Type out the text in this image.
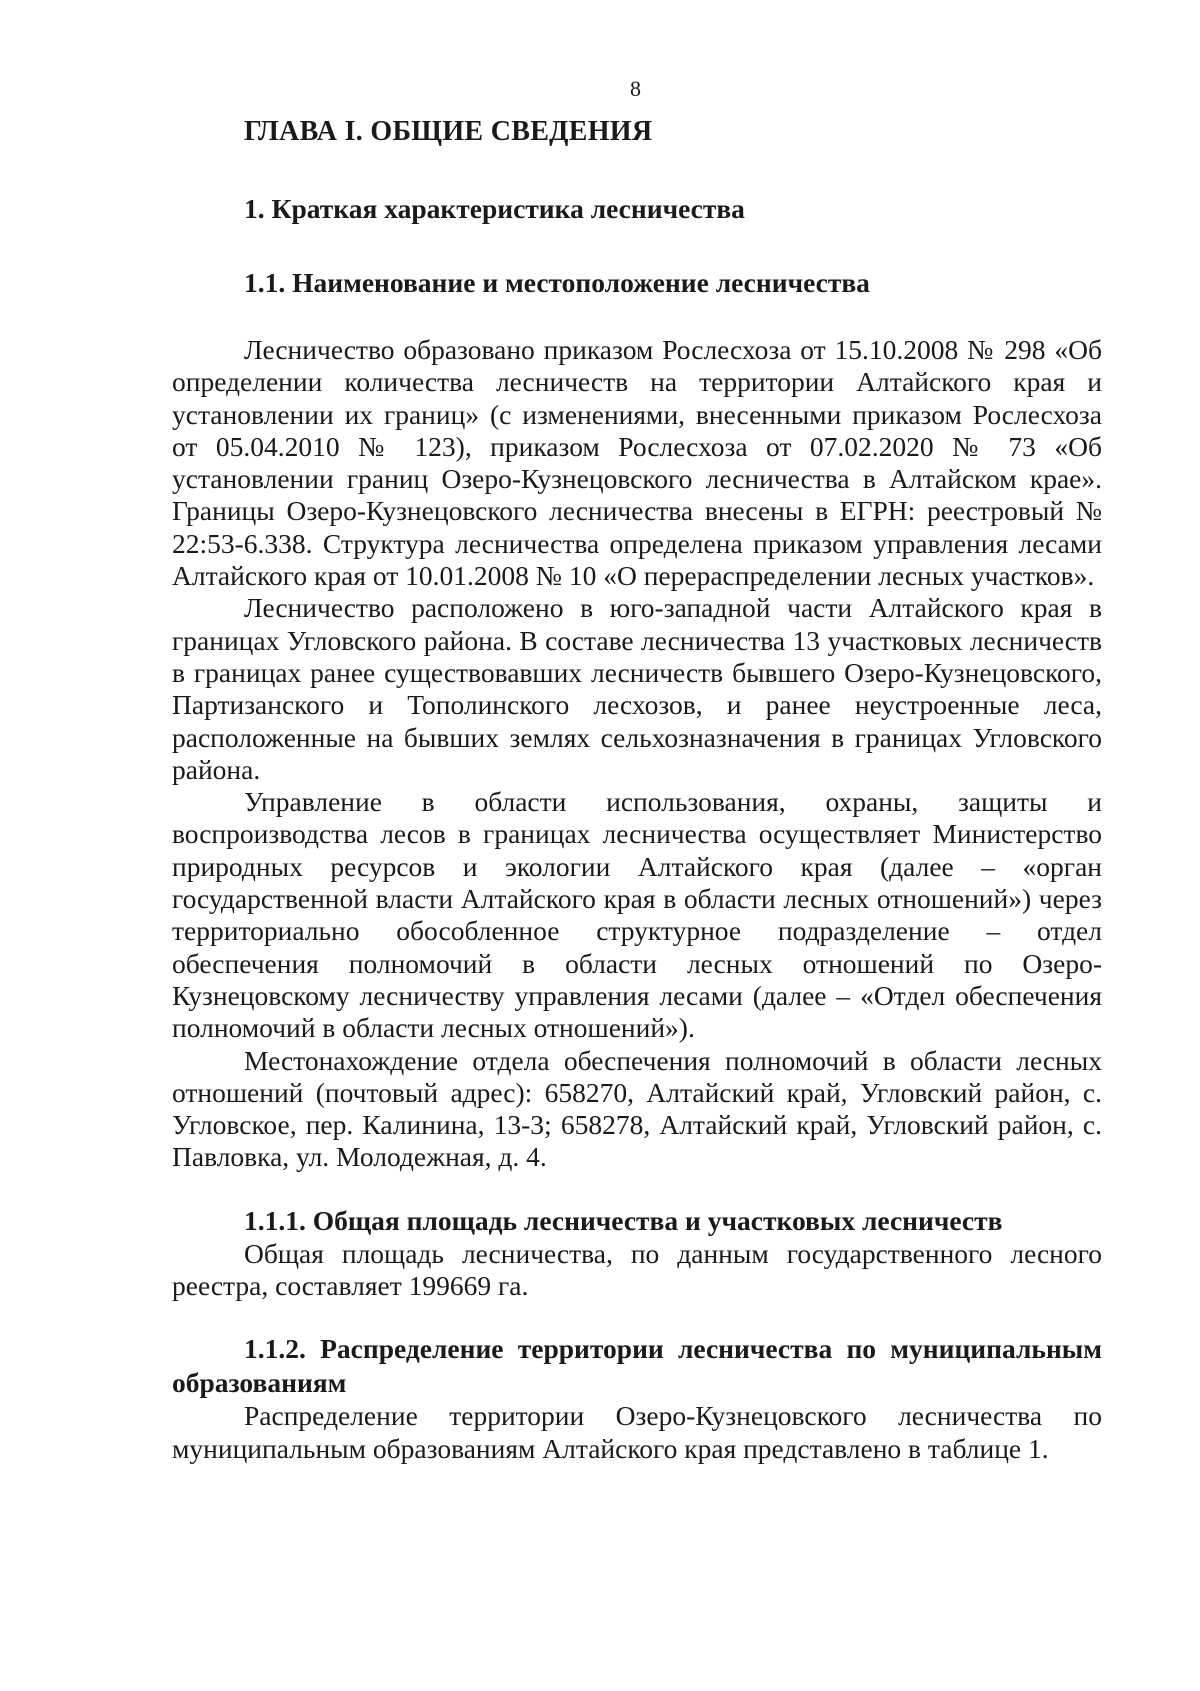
8
ГЛАВА I. ОБЩИЕ СВЕДЕНИЯ
1. Краткая характеристика лесничества
1.1. Наименование и местоположение лесничества

Лесничество образовано приказом Рослесхоза от 15.10.2008 № 298 «Об определении количества лесничеств на территории Алтайского края и установлении их границ» (с изменениями, внесенными приказом Рослесхоза от 05.04.2010 № 123), приказом Рослесхоза от 07.02.2020 № 73 «Об установлении границ Озеро-Кузнецовского лесничества в Алтайском крае». Границы Озеро-Кузнецовского лесничества внесены в ЕГРН: реестровый № 22:53-6.338. Структура лесничества определена приказом управления лесами Алтайского края от 10.01.2008 № 10 «О перераспределении лесных участков».

Лесничество расположено в юго-западной части Алтайского края в границах Угловского района. В составе лесничества 13 участковых лесничеств в границах ранее существовавших лесничеств бывшего Озеро-Кузнецовского, Партизанского и Тополинского лесхозов, и ранее неустроенные леса, расположенные на бывших землях сельхозназначения в границах Угловского района.

Управление в области использования, охраны, защиты и воспроизводства лесов в границах лесничества осуществляет Министерство природных ресурсов и экологии Алтайского края (далее – «орган государственной власти Алтайского края в области лесных отношений») через территориально обособленное структурное подразделение – отдел обеспечения полномочий в области лесных отношений по Озеро-Кузнецовскому лесничеству управления лесами (далее – «Отдел обеспечения полномочий в области лесных отношений»).

Местонахождение отдела обеспечения полномочий в области лесных отношений (почтовый адрес): 658270, Алтайский край, Угловский район, с. Угловское, пер. Калинина, 13-3; 658278, Алтайский край, Угловский район, с. Павловка, ул. Молодежная, д. 4.

1.1.1. Общая площадь лесничества и участковых лесничеств

Общая площадь лесничества, по данным государственного лесного реестра, составляет 199669 га.

1.1.2. Распределение территории лесничества по муниципальным образованиям

Распределение территории Озеро-Кузнецовского лесничества по муниципальным образованиям Алтайского края представлено в таблице 1.
